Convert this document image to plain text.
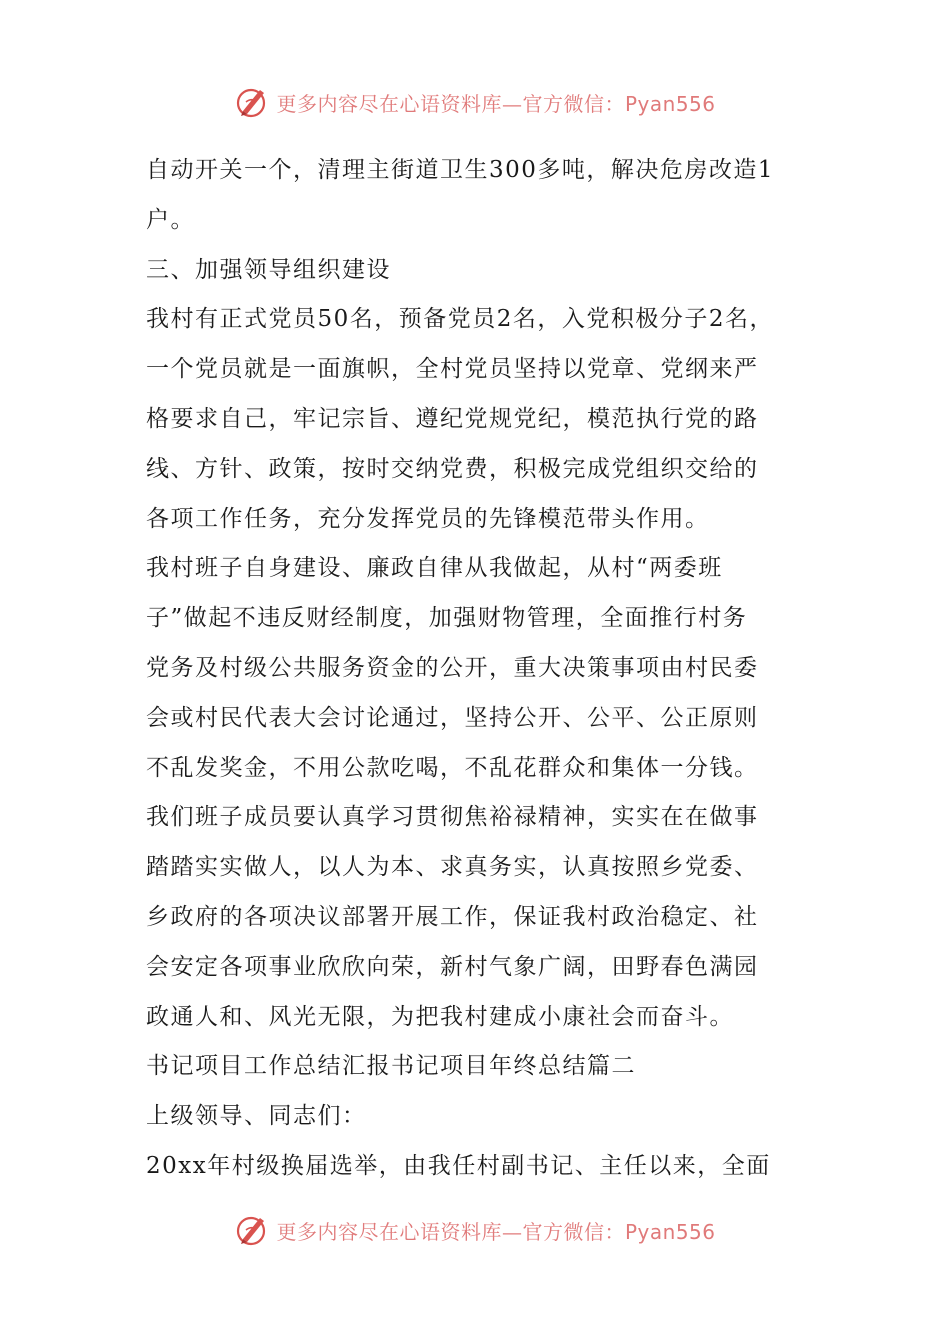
更多内容尽在心语资料库—官方微信：Pyan556
自动开关一个，清理主街道卫生300多吨，解决危房改造1
户。
三、加强领导组织建设
我村有正式党员50名，预备党员2名，入党积极分子2名，
一个党员就是一面旗帜，全村党员坚持以党章、党纲来严
格要求自己，牢记宗旨、遵纪党规党纪，模范执行党的路
线、方针、政策，按时交纳党费，积极完成党组织交给的
各项工作任务，充分发挥党员的先锋模范带头作用。
我村班子自身建设、廉政自律从我做起，从村“两委班
子”做起不违反财经制度，加强财物管理，全面推行村务
党务及村级公共服务资金的公开，重大决策事项由村民委
会或村民代表大会讨论通过，坚持公开、公平、公正原则
不乱发奖金，不用公款吃喝，不乱花群众和集体一分钱。
我们班子成员要认真学习贯彻焦裕禄精神，实实在在做事
踏踏实实做人，以人为本、求真务实，认真按照乡党委、
乡政府的各项决议部署开展工作，保证我村政治稳定、社
会安定各项事业欣欣向荣，新村气象广阔，田野春色满园
政通人和、风光无限，为把我村建成小康社会而奋斗。
书记项目工作总结汇报书记项目年终总结篇二
上级领导、同志们：
20xx年村级换届选举，由我任村副书记、主任以来，全面
更多内容尽在心语资料库—官方微信：Pyan556
